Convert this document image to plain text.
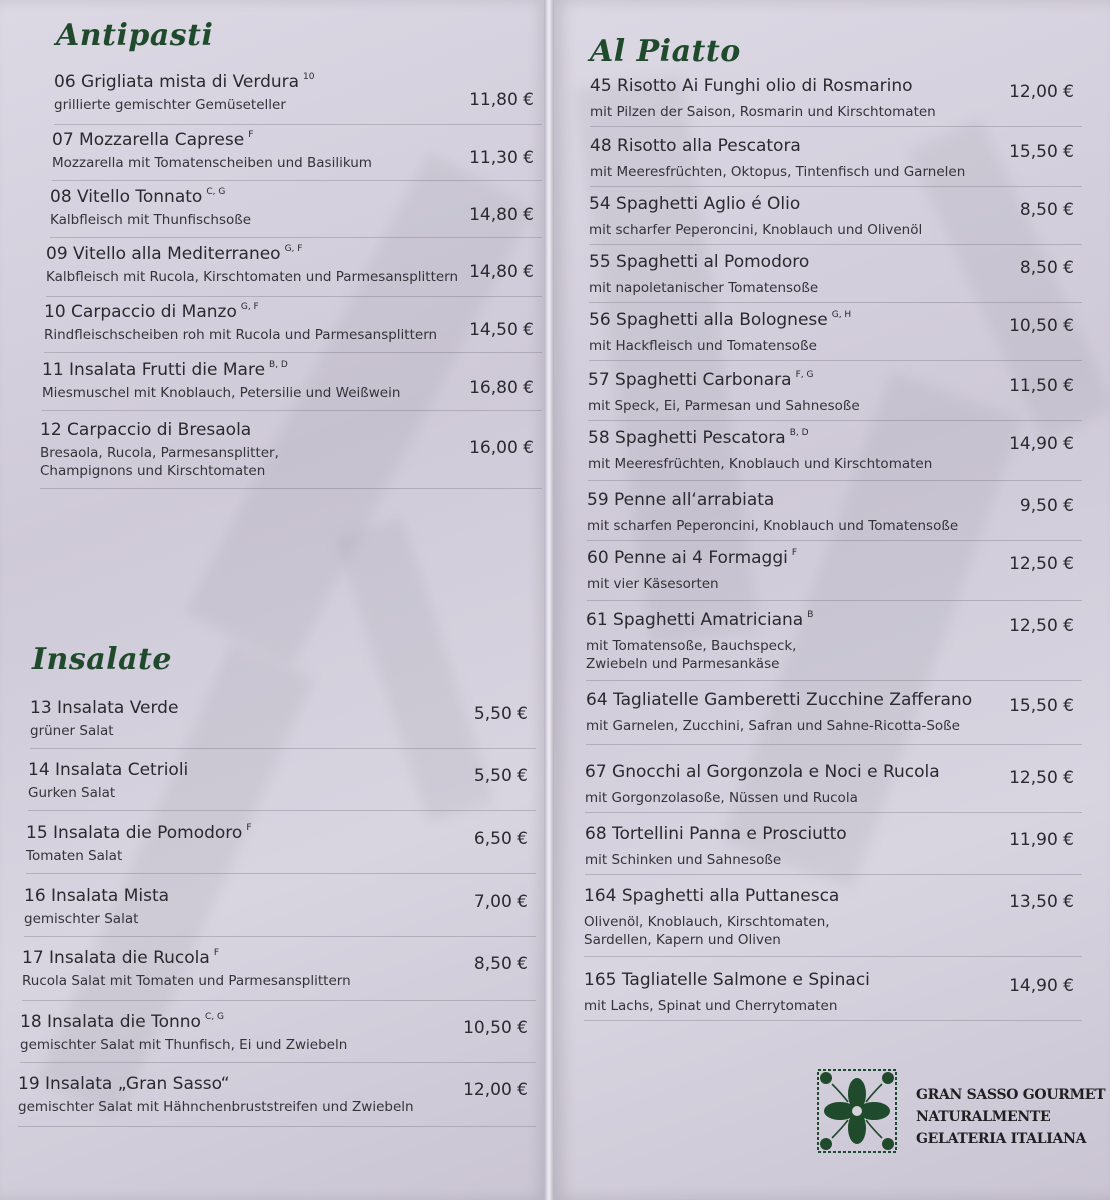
Antipasti
06 Grigliata mista di Verdura $^{10}$
grillierte gemischter Gemüseteller	11,80 €
07 Mozzarella Caprese $^F$
Mozzarella mit Tomatenscheiben und Basilikum	11,30 €
08 Vitello Tonnato $^{C, G}$
Kalbfleisch mit Thunfischsoße	14,80 €
09 Vitello alla Mediterraneo $^{G, F}$
Kalbfleisch mit Rucola, Kirschtomaten und Parmesansplittern 14,80 €
10 Carpaccio di Manzo $^{G, F}$
Rindfleischscheiben roh mit Rucola und Parmesansplittern 14,50 €
11 Insalata Frutti die Mare $^{B, D}$
Miesmuschel mit Knoblauch, Petersilie und Weißwein	16,80 €
12 Carpaccio di Bresaola
Bresaola, Rucola, Parmesansplitter,
Champignons und Kirschtomaten
16,00 €
Insalate
13 Insalata Verde
grüner Salat
5,50 €
14 Insalata Cetrioli
Gurken Salat
5,50 €
15 Insalata die Pomodoro $^F$
Tomaten Salat
6,50 €
16 Insalata Mista
gemischter Salat
7,00 €
17 Insalata die Rucola $^F$
Rucola Salat mit Tomaten und Parmesansplittern
8,50 €
18 Insalata die Tonno $^{C, G}$
gemischter Salat mit Thunfisch, Ei und Zwiebeln
10,50 €
19 Insalata „Gran Sasso“
gemischter Salat mit Hähnchenbruststreifen und Zwiebeln
12,00 €
Al Piatto
45 Risotto Ai Funghi olio di Rosmarino
mit Pilzen der Saison, Rosmarin und Kirschtomaten
12,00 €
48 Risotto alla Pescatora
mit Meeresfrüchten, Oktopus, Tintenfisch und Garnelen
15,50 €
54 Spaghetti Aglio é Olio
mit scharfer Peperoncini, Knoblauch und Olivenöl
8,50 €
55 Spaghetti al Pomodoro
mit napoletanischer Tomatensoße
8,50 €
56 Spaghetti alla Bolognese $^{G, H}$
mit Hackfleisch und Tomatensoße
10,50 €
57 Spaghetti Carbonara $^{F, G}$
mit Speck, Ei, Parmesan und Sahnesoße
11,50 €
58 Spaghetti Pescatora $^{B, D}$
mit Meeresfrüchten, Knoblauch und Kirschtomaten
14,90 €
59 Penne all‘arrabiata
mit scharfen Peperoncini, Knoblauch und Tomatensoße
9,50 €
60 Penne ai 4 Formaggi $^F$
mit vier Käsesorten
12,50 €
61 Spaghetti Amatriciana $^B$
mit Tomatensoße, Bauchspeck,
Zwiebeln und Parmesankäse
12,50 €
64 Tagliatelle Gamberetti Zucchine Zafferano
mit Garnelen, Zucchini, Safran und Sahne-Ricotta-Soße
15,50 €
67 Gnocchi al Gorgonzola e Noci e Rucola
mit Gorgonzolasoße, Nüssen und Rucola
12,50 €
68 Tortellini Panna e Prosciutto
mit Schinken und Sahnesoße
11,90 €
164 Spaghetti alla Puttanesca
Olivenöl, Knoblauch, Kirschtomaten,
Sardellen, Kapern und Oliven
13,50 €
165 Tagliatelle Salmone e Spinaci
mit Lachs, Spinat und Cherrytomaten
14,90 €
GRAN SASSO GOURMET
NATURALMENTE
GELATERIA ITALIANA
